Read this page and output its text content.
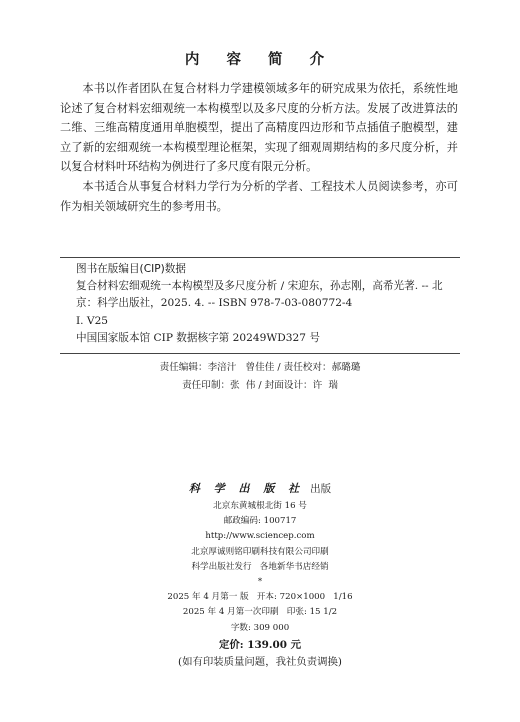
内 容 简 介

本书以作者团队在复合材料力学建模领域多年的研究成果为依托，系统性地论述了复合材料宏细观统一本构模型以及多尺度的分析方法。发展了改进算法的二维、三维高精度通用单胞模型，提出了高精度四边形和节点插值子胞模型，建立了新的宏细观统一本构模型理论框架，实现了细观周期结构的多尺度分析，并以复合材料叶环结构为例进行了多尺度有限元分析。

本书适合从事复合材料力学行为分析的学者、工程技术人员阅读参考，亦可作为相关领域研究生的参考用书。

图书在版编目(CIP)数据
复合材料宏细观统一本构模型及多尺度分析 / 宋迎东，孙志刚，高希光著. -- 北京：科学出版社，2025. 4. -- ISBN 978-7-03-080772-4
I. V25
中国国家版本馆 CIP 数据核字第 20249WD327 号
责任编辑：李涪汁   曾佳佳 / 责任校对：郝璐璐
责任印制：张  伟 / 封面设计：许  瑞
科 学 出 版 社 出版
北京东黄城根北街 16 号
邮政编码: 100717
http://www.sciencep.com
北京厚诚则铭印刷科技有限公司印刷
科学出版社发行   各地新华书店经销
*
2025 年 4 月第一 版   开本: 720×1000   1/16
2025 年 4 月第一次印刷   印张: 15 1/2
字数: 309 000
定价: 139.00 元
(如有印装质量问题，我社负责调换)
